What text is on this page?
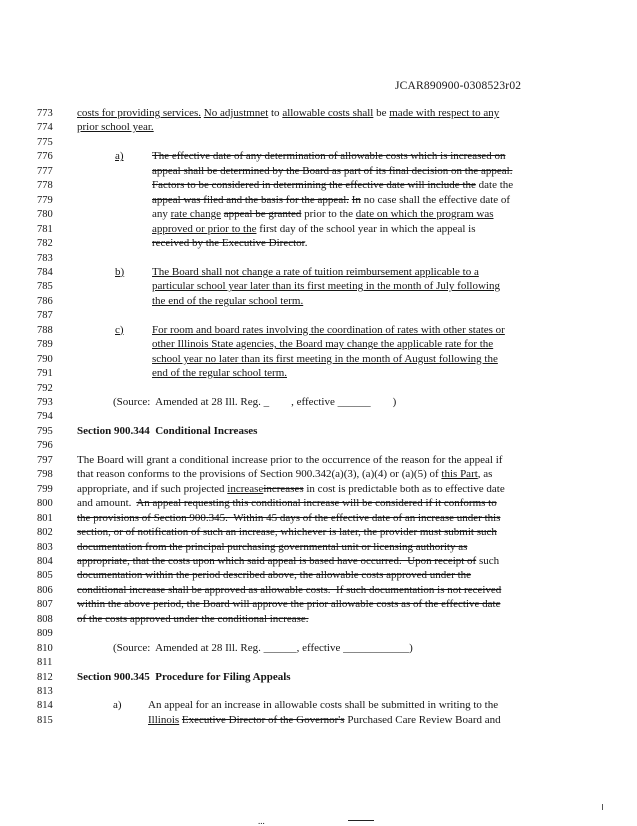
JCAR890900-0308523r02
773
774
775
776
777
778
779
780
781
782
783
784
785
786
787
788
789
790
791
792
793
794
795
796
797
798
799
800
801
802
803
804
805
806
807
808
809
810
811
812
813
814
815
costs for providing services. No adjustmnet to allowable costs shall be made with respect to any
prior school year.
The effective date of any determination of allowable costs which is increased on
appeal shall be determined by the Board as part of its final decision on the appeal.
Factors to be considered in determining the effective date will include the date the
appeal was filed and the basis for the appeal. In no case shall the effective date of
any rate change appeal be granted prior to the date on which the program was
approved or prior to the first day of the school year in which the appeal is
received by the Executive Director.
The Board shall not change a rate of tuition reimbursement applicable to a
particular school year later than its first meeting in the month of July following
the end of the regular school term.
For room and board rates involving the coordination of rates with other states or
other Illinois State agencies, the Board may change the applicable rate for the
school year no later than its first meeting in the month of August following the
end of the regular school term.
(Source:  Amended at 28 Ill. Reg. _        , effective ______        )
Section 900.344  Conditional Increases
The Board will grant a conditional increase prior to the occurrence of the reason for the appeal if
that reason conforms to the provisions of Section 900.342(a)(3), (a)(4) or (a)(5) of this Part, as
appropriate, and if such projected increaseincreases in cost is predictable both as to effective date
and amount.  An appeal requesting this conditional increase will be considered if it conforms to
the provisions of Section 900.345.  Within 45 days of the effective date of an increase under this
section, or of notification of such an increase, whichever is later, the provider must submit such
documentation from the principal purchasing governmental unit or licensing authority as
appropriate, that the costs upon which said appeal is based have occurred.  Upon receipt of such
documentation within the period described above, the allowable costs approved under the
conditional increase shall be approved as allowable costs.  If such documentation is not received
within the above period, the Board will approve the prior allowable costs as of the effective date
of the costs approved under the conditional increase.
(Source:  Amended at 28 Ill. Reg. ______, effective ____________)
Section 900.345  Procedure for Filing Appeals
An appeal for an increase in allowable costs shall be submitted in writing to the
Illinois Executive Director of the Governor's Purchased Care Review Board and
a)
b)
c)
a)
...
